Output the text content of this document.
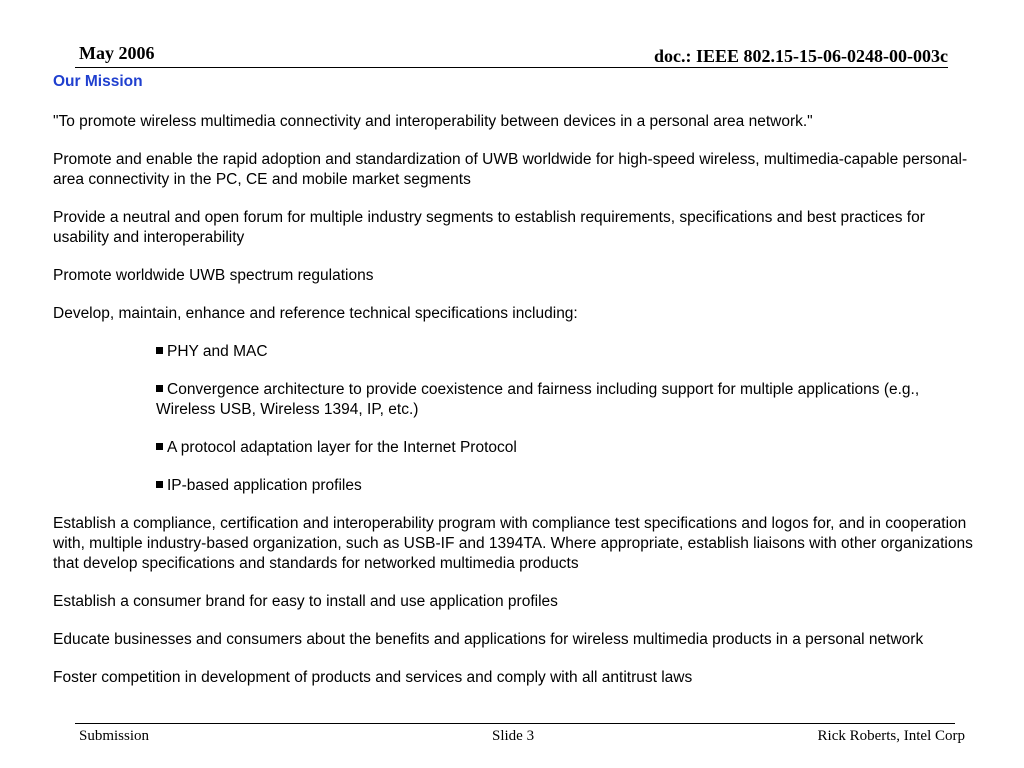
May 2006	doc.: IEEE 802.15-15-06-0248-00-003c
Our Mission

"To promote wireless multimedia connectivity and interoperability between devices in a personal area network."

Promote and enable the rapid adoption and standardization of UWB worldwide for high-speed wireless, multimedia-capable personal-area connectivity in the PC, CE and mobile market segments

Provide a neutral and open forum for multiple industry segments to establish requirements, specifications and best practices for usability and interoperability

Promote worldwide UWB spectrum regulations

Develop, maintain, enhance and reference technical specifications including:

PHY and MAC

Convergence architecture to provide coexistence and fairness including support for multiple applications (e.g., Wireless USB, Wireless 1394, IP, etc.)

A protocol adaptation layer for the Internet Protocol

IP-based application profiles

Establish a compliance, certification and interoperability program with compliance test specifications and logos for, and in cooperation with, multiple industry-based organization, such as USB-IF and 1394TA. Where appropriate, establish liaisons with other organizations that develop specifications and standards for networked multimedia products

Establish a consumer brand for easy to install and use application profiles

Educate businesses and consumers about the benefits and applications for wireless multimedia products in a personal network

Foster competition in development of products and services and comply with all antitrust laws

Submission	Slide 3	Rick Roberts, Intel Corp
